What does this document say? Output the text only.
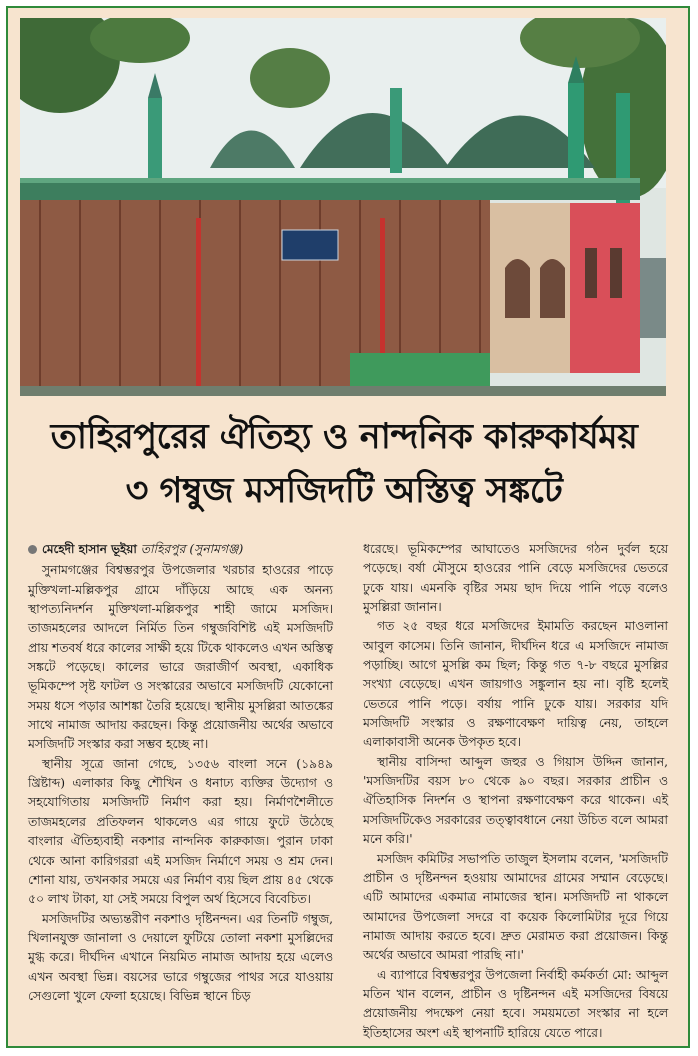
তাহিরপুরের ঐতিহ্য ও নান্দনিক কারুকার্যময়
৩ গম্বুজ মসজিদটি অস্তিত্ব সঙ্কটে

মেহেদী হাসান ভূইয়া তাহিরপুর (সুনামগঞ্জ)

সুনামগঞ্জের বিশ্বম্ভরপুর উপজেলার খরচার হাওরের পাড়ে মুক্তিখলা-মল্লিকপুর গ্রামে দাঁড়িয়ে আছে এক অনন্য স্থাপত্যনিদর্শন মুক্তিখলা-মল্লিকপুর শাহী জামে মসজিদ। তাজমহলের আদলে নির্মিত তিন গম্বুজবিশিষ্ট এই মসজিদটি প্রায় শতবর্ষ ধরে কালের সাক্ষী হয়ে টিকে থাকলেও এখন অস্তিত্ব সঙ্কটে পড়েছে। কালের ভারে জরাজীর্ণ অবস্থা, একাধিক ভূমিকম্পে সৃষ্ট ফাটল ও সংস্কারের অভাবে মসজিদটি যেকোনো সময় ধসে পড়ার আশঙ্কা তৈরি হয়েছে। স্থানীয় মুসল্লিরা আতঙ্কের সাথে নামাজ আদায় করছেন। কিন্তু প্রয়োজনীয় অর্থের অভাবে মসজিদটি সংস্কার করা সম্ভব হচ্ছে না।

স্থানীয় সূত্রে জানা গেছে, ১৩৫৬ বাংলা সনে (১৯৪৯ খ্রিষ্টাব্দ) এলাকার কিছু শৌখিন ও ধনাঢ্য ব্যক্তির উদ্যোগ ও সহযোগিতায় মসজিদটি নির্মাণ করা হয়। নির্মাণশৈলীতে তাজমহলের প্রতিফলন থাকলেও এর গায়ে ফুটে উঠেছে বাংলার ঐতিহ্যবাহী নকশার নান্দনিক কারুকাজ। পুরান ঢাকা থেকে আনা কারিগররা এই মসজিদ নির্মাণে সময় ও শ্রম দেন। শোনা যায়, তখনকার সময়ে এর নির্মাণ ব্যয় ছিল প্রায় ৪৫ থেকে ৫০ লাখ টাকা, যা সেই সময়ে বিপুল অর্থ হিসেবে বিবেচিত।

মসজিদটির অভ্যন্তরীণ নকশাও দৃষ্টিনন্দন। এর তিনটি গম্বুজ, খিলানযুক্ত জানালা ও দেয়ালে ফুটিয়ে তোলা নকশা মুসল্লিদের মুগ্ধ করে। দীর্ঘদিন এখানে নিয়মিত নামাজ আদায় হয়ে এলেও এখন অবস্থা ভিন্ন। বয়সের ভারে গম্বুজের পাথর সরে যাওয়ায় সেগুলো খুলে ফেলা হয়েছে। বিভিন্ন স্থানে চিড়

ধরেছে। ভূমিকম্পের আঘাতেও মসজিদের গঠন দুর্বল হয়ে পড়েছে। বর্ষা মৌসুমে হাওরের পানি বেড়ে মসজিদের ভেতরে ঢুকে যায়। এমনকি বৃষ্টির সময় ছাদ দিয়ে পানি পড়ে বলেও মুসল্লিরা জানান।

গত ২৫ বছর ধরে মসজিদের ইমামতি করছেন মাওলানা আবুল কাসেম। তিনি জানান, দীর্ঘদিন ধরে এ মসজিদে নামাজ পড়াচ্ছি। আগে মুসল্লি কম ছিল; কিন্তু গত ৭-৮ বছরে মুসল্লির সংখ্যা বেড়েছে। এখন জায়গাও সঙ্কুলান হয় না। বৃষ্টি হলেই ভেতরে পানি পড়ে। বর্ষায় পানি ঢুকে যায়। সরকার যদি মসজিদটি সংস্কার ও রক্ষণাবেক্ষণ দায়িত্ব নেয়, তাহলে এলাকাবাসী অনেক উপকৃত হবে।

স্থানীয় বাসিন্দা আব্দুল জহুর ও গিয়াস উদ্দিন জানান, 'মসজিদটির বয়স ৮০ থেকে ৯০ বছর। সরকার প্রাচীন ও ঐতিহাসিক নিদর্শন ও স্থাপনা রক্ষণাবেক্ষণ করে থাকেন। এই মসজিদটিকেও সরকারের তত্ত্বাবধানে নেয়া উচিত বলে আমরা মনে করি।'

মসজিদ কমিটির সভাপতি তাজুল ইসলাম বলেন, 'মসজিদটি প্রাচীন ও দৃষ্টিনন্দন হওয়ায় আমাদের গ্রামের সম্মান বেড়েছে। এটি আমাদের একমাত্র নামাজের স্থান। মসজিদটি না থাকলে আমাদের উপজেলা সদরে বা কয়েক কিলোমিটার দূরে গিয়ে নামাজ আদায় করতে হবে। দ্রুত মেরামত করা প্রয়োজন। কিন্তু অর্থের অভাবে আমরা পারছি না।'

এ ব্যাপারে বিশ্বম্ভরপুর উপজেলা নির্বাহী কর্মকর্তা মো: আব্দুল মতিন খান বলেন, প্রাচীন ও দৃষ্টিনন্দন এই মসজিদের বিষয়ে প্রয়োজনীয় পদক্ষেপ নেয়া হবে। সময়মতো সংস্কার না হলে ইতিহাসের অংশ এই স্থাপনাটি হারিয়ে যেতে পারে।
